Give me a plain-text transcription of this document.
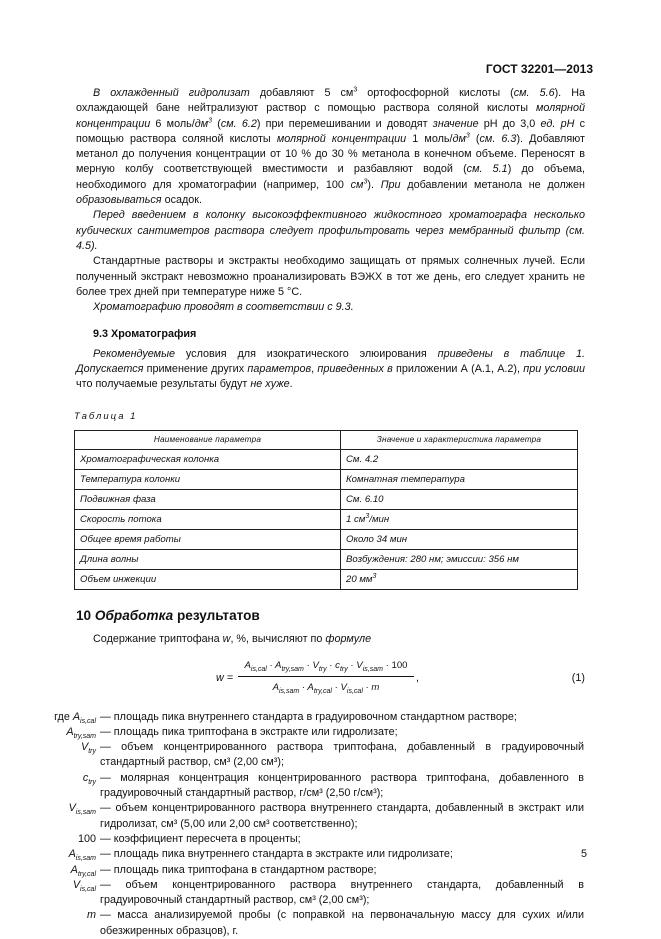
ГОСТ 32201—2013

В охлажденный гидролизат добавляют 5 $см^3$ ортофосфорной кислоты (см. 5.6). На охлаждающей бане нейтрализуют раствор с помощью раствора соляной кислоты молярной концентрации 6 моль/$дм^3$ (см. 6.2) при перемешивании и доводят значение рН до 3,0 ед. рН с помощью раствора соляной кислоты молярной концентрации 1 моль/$дм^3$ (см. 6.3). Добавляют метанол до получения концентрации от 10 % до 30 % метанола в конечном объеме. Переносят в мерную колбу соответствующей вместимости и разбавляют водой (см. 5.1) до объема, необходимого для хроматографии (например, 100 $см^3$). При добавлении метанола не должен образовываться осадок.

Перед введением в колонку высокоэффективного жидкостного хроматографа несколько кубических сантиметров раствора следует профильтровать через мембранный фильтр (см. 4.5).

Стандартные растворы и экстракты необходимо защищать от прямых солнечных лучей. Если полученный экстракт невозможно проанализировать ВЭЖХ в тот же день, его следует хранить не более трех дней при температуре ниже 5 °С.

Хроматографию проводят в соответствии с 9.3.

9.3 Хроматография

Рекомендуемые условия для изократического элюирования приведены в таблице 1. Допускается применение других параметров, приведенных в приложении А (А.1, А.2), при условии что получаемые результаты будут не хуже.

Таблица 1
Наименование параметра	Значение и характеристика параметра
Хроматографическая колонка	См. 4.2
Температура колонки	Комнатная температура
Подвижная фаза	См. 6.10
Скорость потока	1 $см^3$/мин
Общее время работы	Около 34 мин
Длина волны	Возбуждения: 280 нм; эмиссии: 356 нм
Объем инжекции	20 $мм^3$
10 Обработка результатов

Содержание триптофана w, %, вычисляют по формуле

w =
$A_{is,cal} \cdot A_{try,sam} \cdot V_{try} \cdot c_{try} \cdot V_{is,sam} \cdot 100$
$A_{is,sam} \cdot A_{try,cal} \cdot V_{is,cal} \cdot m$
,	(1)
где $A_{is,cal}$ — площадь пика внутреннего стандарта в градуировочном стандартном растворе;
$A_{try,sam}$ — площадь пика триптофана в экстракте или гидролизате;
$V_{try}$ — объем концентрированного раствора триптофана, добавленный в градуировочный стандартный раствор, см³ (2,00 см³);
$c_{try}$ — молярная концентрация концентрированного раствора триптофана, добавленного в градуировочный стандартный раствор, г/см³ (2,50 г/см³);
$V_{is,sam}$ — объем концентрированного раствора внутреннего стандарта, добавленный в экстракт или гидролизат, см³ (5,00 или 2,00 см³ соответственно);
100 — коэффициент пересчета в проценты;
$A_{is,sam}$ — площадь пика внутреннего стандарта в экстракте или гидролизате;
$A_{try,cal}$ — площадь пика триптофана в стандартном растворе;
$V_{is,cal}$ — объем концентрированного раствора внутреннего стандарта, добавленный в градуировочный стандартный раствор, см³ (2,00 см³);
m — масса анализируемой пробы (с поправкой на первоначальную массу для сухих и/или обезжиренных образцов), г.
5
